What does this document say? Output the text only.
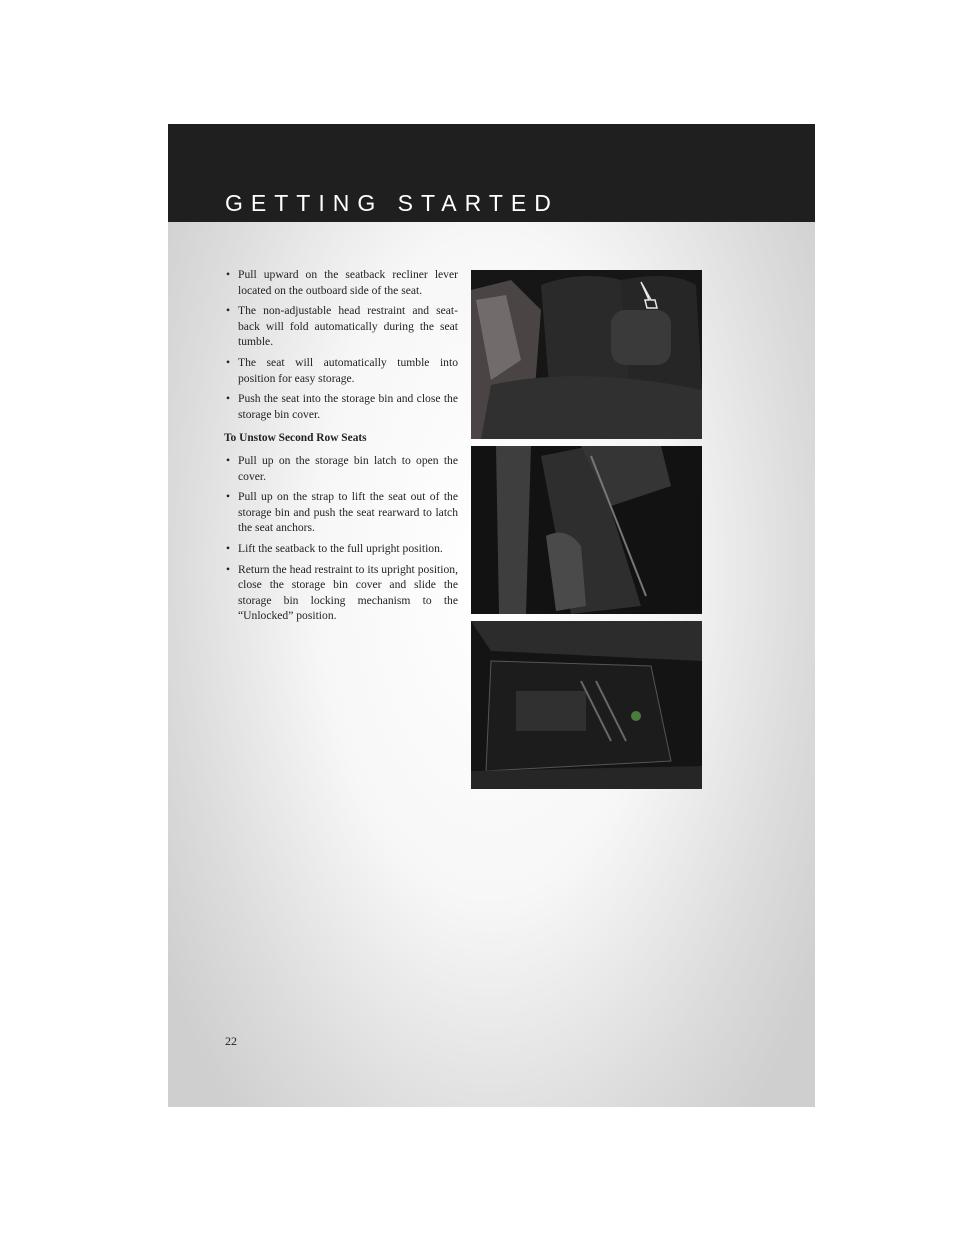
GETTING STARTED
• Pull upward on the seatback recliner lever located on the outboard side of the seat.
• The non-adjustable head restraint and seat-back will fold automatically during the seat tumble.
• The seat will automatically tumble into position for easy storage.
• Push the seat into the storage bin and close the storage bin cover.
To Unstow Second Row Seats
• Pull up on the storage bin latch to open the cover.
• Pull up on the strap to lift the seat out of the storage bin and push the seat rearward to latch the seat anchors.
• Lift the seatback to the full upright position.
• Return the head restraint to its upright position, close the storage bin cover and slide the storage bin locking mechanism to the “Unlocked” position.
22
